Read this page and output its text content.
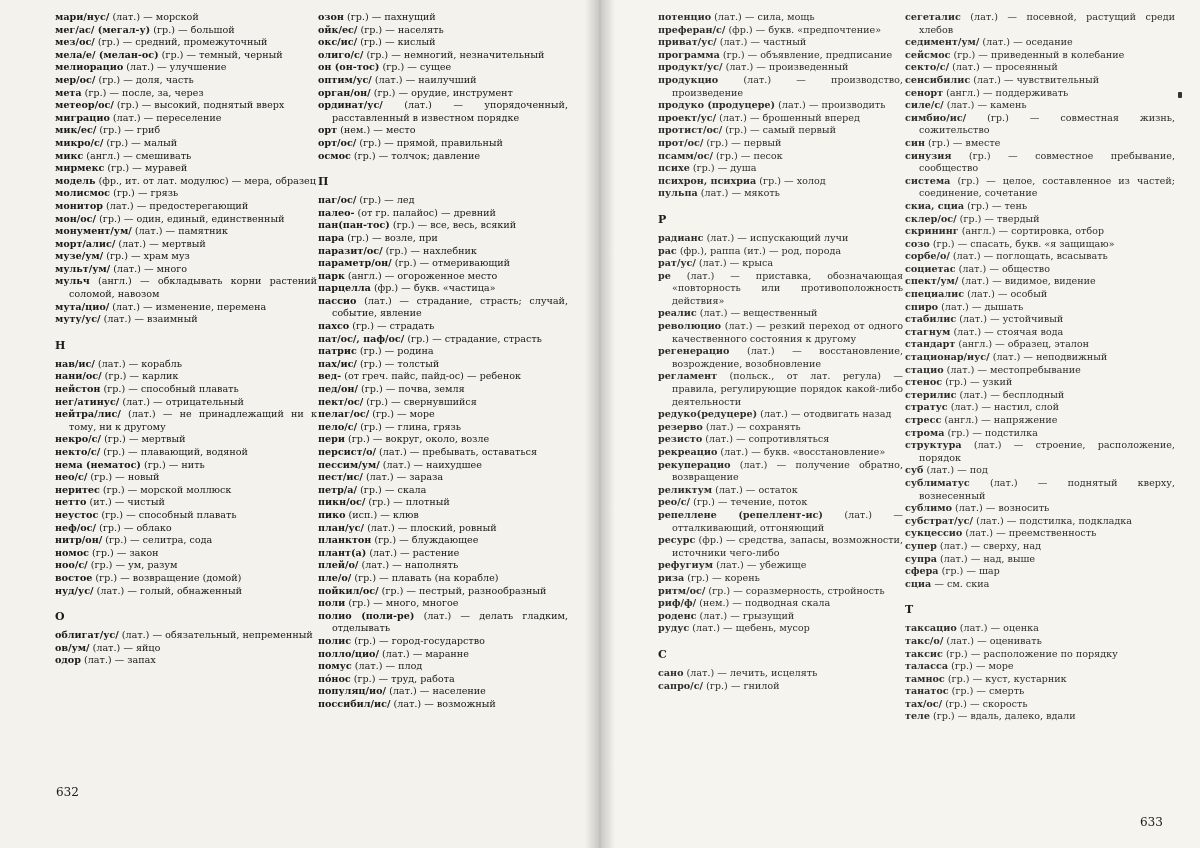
мари/нус/ (лат.) — морской
мег/ас/ (мегал-у) (гр.) — большой
мез/ос/ (гр.) — средний, промежуточный
мела/е/ (мелан-ос) (гр.) — темный, черный
мелиорацио (лат.) — улучшение
мер/ос/ (гр.) — доля, часть
мета (гр.) — после, за, через
метеор/ос/ (гр.) — высокий, поднятый вверх
миграцио (лат.) — переселение
мик/ес/ (гр.) — гриб
микро/с/ (гр.) — малый
микс (англ.) — смешивать
мирмекс (гр.) — муравей
модель (фр., ит. от лат. модулюс) — мера, образец
молисмос (гр.) — грязь
монитор (лат.) — предостерегающий
мон/ос/ (гр.) — один, единый, единственный
монумент/ум/ (лат.) — памятник
морт/алис/ (лат.) — мертвый
музе/ум/ (гр.) — храм муз
мульт/ум/ (лат.) — много
мульч (англ.) — обкладывать корни растений соломой, навозом
мута/цио/ (лат.) — изменение, перемена
муту/ус/ (лат.) — взаимный
Н
нав/ис/ (лат.) — корабль
нани/ос/ (гр.) — карлик
нейстон (гр.) — способный плавать
нег/атинус/ (лат.) — отрицательный
нейтра/лис/ (лат.) — не принадлежащий ни к тому, ни к другому
некро/с/ (гр.) — мертвый
некто/с/ (гр.) — плавающий, водяной
нема (нематос) (гр.) — нить
нео/с/ (гр.) — новый
неритес (гр.) — морской моллюск
нетто (ит.) — чистый
неустос (гр.) — способный плавать
неф/ос/ (гр.) — облако
нитр/он/ (гр.) — селитра, сода
номос (гр.) — закон
ноо/с/ (гр.) — ум, разум
востое (гр.) — возвращение (домой)
нуд/ус/ (лат.) — голый, обнаженный
О
облигат/ус/ (лат.) — обязательный, непременный
ов/ум/ (лат.) — яйцо
одор (лат.) — запах
озон (гр.) — пахнущий
ойк/ес/ (гр.) — населять
окс/ис/ (гр.) — кислый
олиго/с/ (гр.) — немногий, незначительный
он (он-тос) (гр.) — сущее
оптим/ус/ (лат.) — наилучший
орган/он/ (гр.) — орудие, инструмент
ординат/ус/ (лат.) — упорядоченный, расставленный в известном порядке
орт (нем.) — место
орт/ос/ (гр.) — прямой, правильный
осмос (гр.) — толчок; давление
П
паг/ос/ (гр.) — лед
палео- (от гр. палайос) — древний
пан(пан-тос) (гр.) — все, весь, всякий
пара (гр.) — возле, при
паразит/ос/ (гр.) — нахлебник
параметр/он/ (гр.) — отмеривающий
парк (англ.) — огороженное место
парцелла (фр.) — букв. «частица»
пассио (лат.) — страдание, страсть; случай, событие, явление
пахсо (гр.) — страдать
пат/ос/, паф/ос/ (гр.) — страдание, страсть
патрис (гр.) — родина
пах/ис/ (гр.) — толстый
вед- (от греч. пайс, пайд-ос) — ребенок
пед/он/ (гр.) — почва, земля
пект/ос/ (гр.) — свернувшийся
пелаг/ос/ (гр.) — море
пело/с/ (гр.) — глина, грязь
пери (гр.) — вокруг, около, возле
персист/о/ (лат.) — пребывать, оставаться
пессим/ум/ (лат.) — наихудшее
пест/ис/ (лат.) — зараза
петр/а/ (гр.) — скала
пикн/ос/ (гр.) — плотный
пико (исп.) — клюв
план/ус/ (лат.) — плоский, ровный
планктон (гр.) — блуждающее
плант(а) (лат.) — растение
плей/о/ (лат.) — наполнять
пле/о/ (гр.) — плавать (на корабле)
пойкил/ос/ (гр.) — пестрый, разнообразный
поли (гр.) — много, многое
полио (поли-ре) (лат.) — делать гладким, отделывать
полис (гр.) — город-государство
полло/цио/ (лат.) — маранне
помус (лат.) — плод
пóнос (гр.) — труд, работа
популяц/ио/ (лат.) — население
поссибил/ис/ (лат.) — возможный
632
потенцио (лат.) — сила, мощь
преферан/с/ (фр.) — букв. «предпочтение»
приват/ус/ (лат.) — частный
программа (гр.) — объявление, предписание
продукт/ус/ (лат.) — произведенный
продукцио (лат.) — производство, произведение
продуко (продуцере) (лат.) — производить
проект/ус/ (лат.) — брошенный вперед
протист/ос/ (гр.) — самый первый
прот/ос/ (гр.) — первый
псамм/ос/ (гр.) — песок
психе (гр.) — душа
психрон, психриа (гр.) — холод
пульпа (лат.) — мякоть
Р
радианс (лат.) — испускающий лучи
рас (фр.), раппа (ит.) — род, порода
рат/ус/ (лат.) — крыса
ре (лат.) — приставка, обозначающая «повторность или противоположность действия»
реалис (лат.) — вещественный
революцио (лат.) — резкий переход от одного качественного состояния к другому
регенерацио (лат.) — восстановление, возрождение, возобновление
регламент (польск., от лат. регула) — правила, регулирующие порядок какой-либо деятельности
редуко(редуцере) (лат.) — отодвигать назад
резерво (лат.) — сохранять
резисто (лат.) — сопротивляться
рекреацио (лат.) — букв. «восстановление»
рекуперацио (лат.) — получение обратно, возвращение
реликтум (лат.) — остаток
рео/с/ (гр.) — течение, поток
репеллене (репеллент-ис) (лат.) — отталкивающий, отгоняющий
ресурс (фр.) — средства, запасы, возможности, источники чего-либо
рефугиум (лат.) — убежище
риза (гр.) — корень
ритм/ос/ (гр.) — соразмерность, стройность
риф/ф/ (нем.) — подводная скала
роденс (лат.) — грызущий
рудус (лат.) — щебень, мусор
С
сано (лат.) — лечить, исцелять
сапро/с/ (гр.) — гнилой
сегеталис (лат.) — посевной, растущий среди хлебов
седимент/ум/ (лат.) — оседание
сейсмос (гр.) — приведенный в колебание
секто/с/ (лат.) — просеянный
сенсибилис (лат.) — чувствительный
сенорт (англ.) — поддерживать
силе/с/ (лат.) — камень
симбио/ис/ (гр.) — совместная жизнь, сожительство
син (гр.) — вместе
синузия (гр.) — совместное пребывание, сообщество
система (гр.) — целое, составленное из частей; соединение, сочетание
скиа, сциа (гр.) — тень
склер/ос/ (гр.) — твердый
скрининг (англ.) — сортировка, отбор
созо (гр.) — спасать, букв. «я защищаю»
сорбе/о/ (лат.) — поглощать, всасывать
социетас (лат.) — общество
спект/ум/ (лат.) — видимое, видение
специалис (лат.) — особый
спиро (лат.) — дышать
стабилис (лат.) — устойчивый
стагнум (лат.) — стоячая вода
стандарт (англ.) — образец, эталон
стационар/иус/ (лат.) — неподвижный
стацио (лат.) — местопребывание
стенос (гр.) — узкий
стерилис (лат.) — бесплодный
стратус (лат.) — настил, слой
стресс (англ.) — напряжение
строма (гр.) — подстилка
структура (лат.) — строение, расположение, порядок
суб (лат.) — под
сублиматус (лат.) — поднятый кверху, вознесенный
сублимо (лат.) — возносить
субстрат/ус/ (лат.) — подстилка, подкладка
сукцессио (лат.) — преемственность
супер (лат.) — сверху, над
супра (лат.) — над, выше
сфера (гр.) — шар
сциа — см. скиа
Т
таксацио (лат.) — оценка
такс/о/ (лат.) — оценивать
таксис (гр.) — расположение по порядку
таласса (гр.) — море
тамнос (гр.) — куст, кустарник
танатос (гр.) — смерть
тах/ос/ (гр.) — скорость
теле (гр.) — вдаль, далеко, вдали
633
